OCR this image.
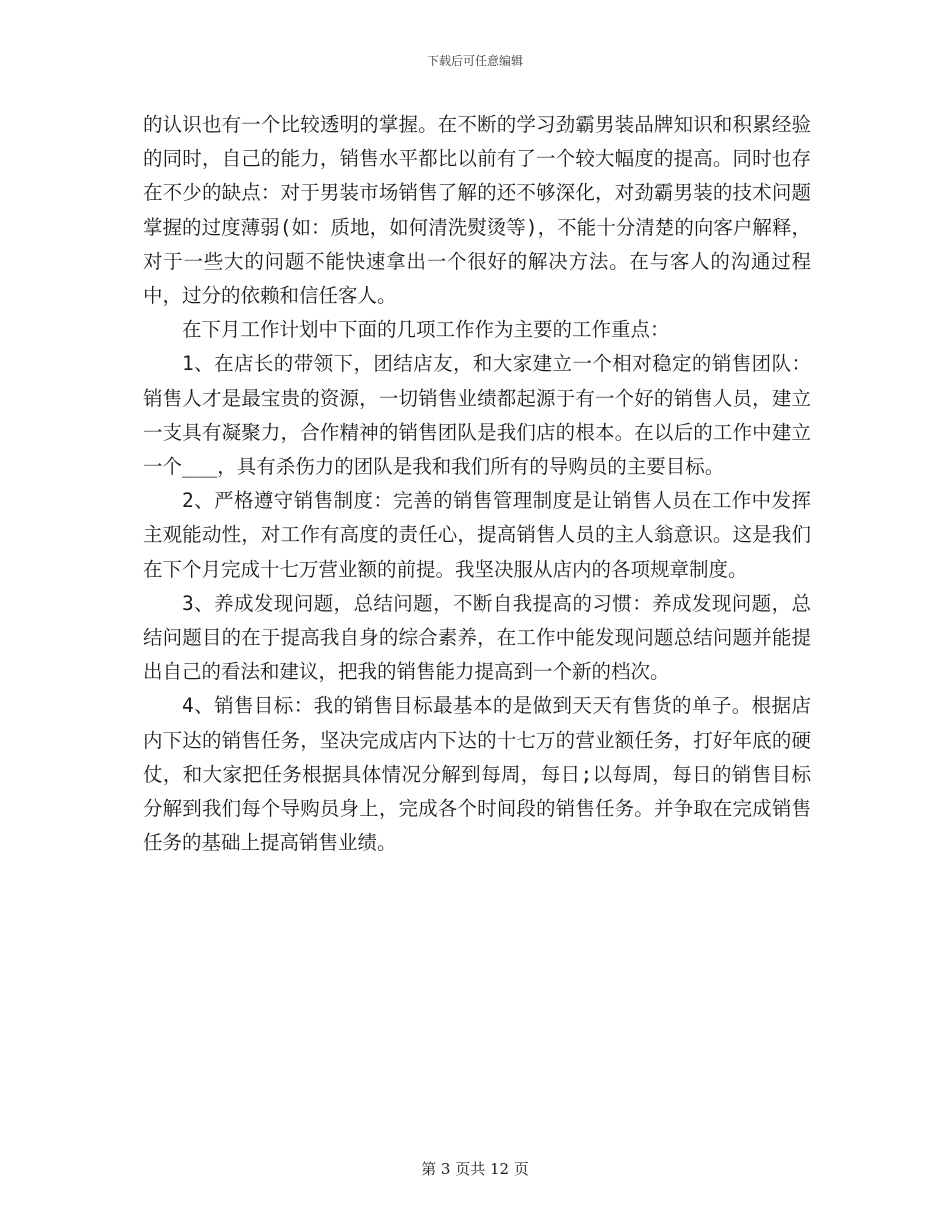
下载后可任意编辑

的认识也有一个比较透明的掌握。在不断的学习劲霸男装品牌知识和积累经验的同时，自己的能力，销售水平都比以前有了一个较大幅度的提高。同时也存在不少的缺点：对于男装市场销售了解的还不够深化，对劲霸男装的技术问题掌握的过度薄弱(如：质地，如何清洗熨烫等)，不能十分清楚的向客户解释，对于一些大的问题不能快速拿出一个很好的解决方法。在与客人的沟通过程中，过分的依赖和信任客人。

在下月工作计划中下面的几项工作作为主要的工作重点：

1、在店长的带领下，团结店友，和大家建立一个相对稳定的销售团队：销售人才是最宝贵的资源，一切销售业绩都起源于有一个好的销售人员，建立一支具有凝聚力，合作精神的销售团队是我们店的根本。在以后的工作中建立一个___，具有杀伤力的团队是我和我们所有的导购员的主要目标。

2、严格遵守销售制度：完善的销售管理制度是让销售人员在工作中发挥主观能动性，对工作有高度的责任心，提高销售人员的主人翁意识。这是我们在下个月完成十七万营业额的前提。我坚决服从店内的各项规章制度。

3、养成发现问题，总结问题，不断自我提高的习惯：养成发现问题，总结问题目的在于提高我自身的综合素养，在工作中能发现问题总结问题并能提出自己的看法和建议，把我的销售能力提高到一个新的档次。

4、销售目标：我的销售目标最基本的是做到天天有售货的单子。根据店内下达的销售任务，坚决完成店内下达的十七万的营业额任务，打好年底的硬仗，和大家把任务根据具体情况分解到每周，每日;以每周，每日的销售目标分解到我们每个导购员身上，完成各个时间段的销售任务。并争取在完成销售任务的基础上提高销售业绩。

第 3 页共 12 页
